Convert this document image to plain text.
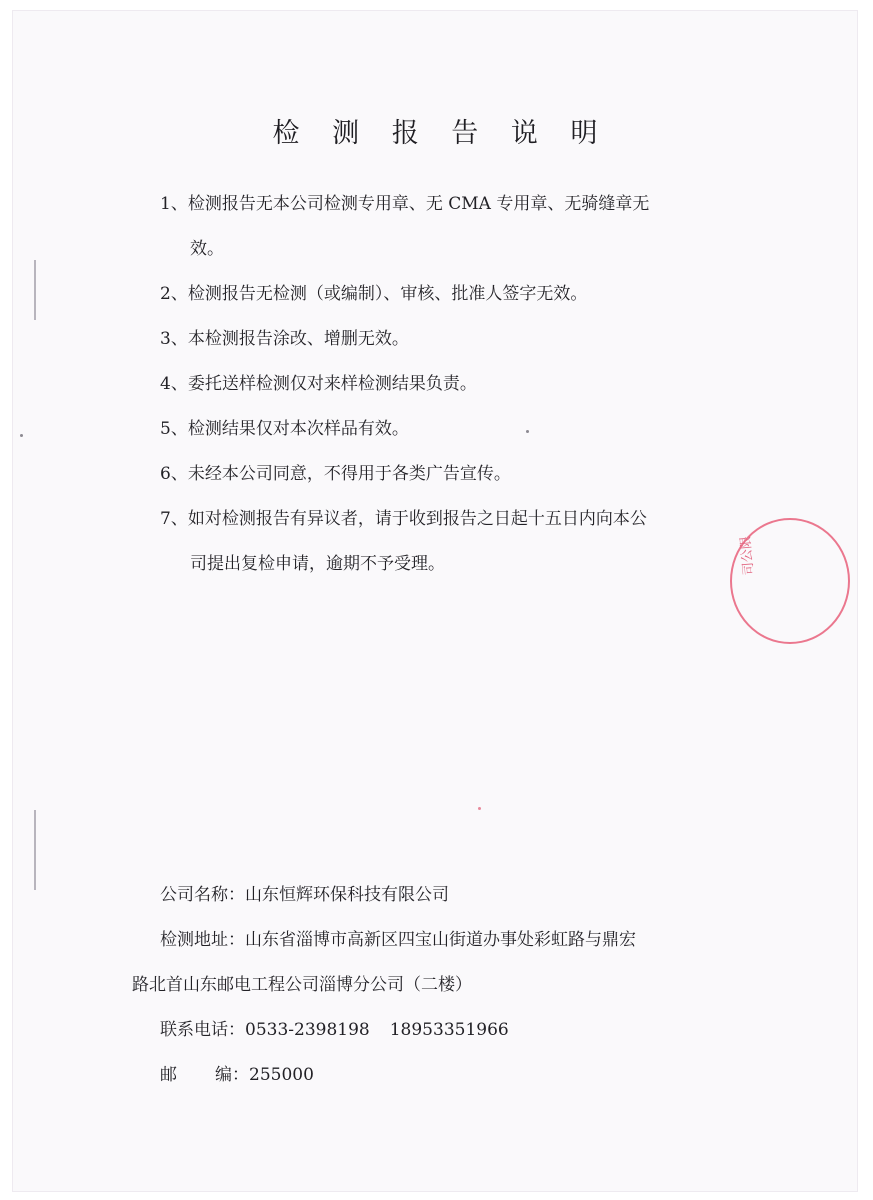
检 测 报 告 说 明
1、检测报告无本公司检测专用章、无 CMA 专用章、无骑缝章无
效。
2、检测报告无检测（或编制）、审核、批准人签字无效。
3、本检测报告涂改、增删无效。
4、委托送样检测仅对来样检测结果负责。
5、检测结果仅对本次样品有效。
6、未经本公司同意，不得用于各类广告宣传。
7、如对检测报告有异议者，请于收到报告之日起十五日内向本公
司提出复检申请，逾期不予受理。	司公限
公司名称：山东恒辉环保科技有限公司
检测地址：山东省淄博市高新区四宝山街道办事处彩虹路与鼎宏
路北首山东邮电工程公司淄博分公司（二楼）
联系电话：0533-2398198 18953351966
邮 编：255000
